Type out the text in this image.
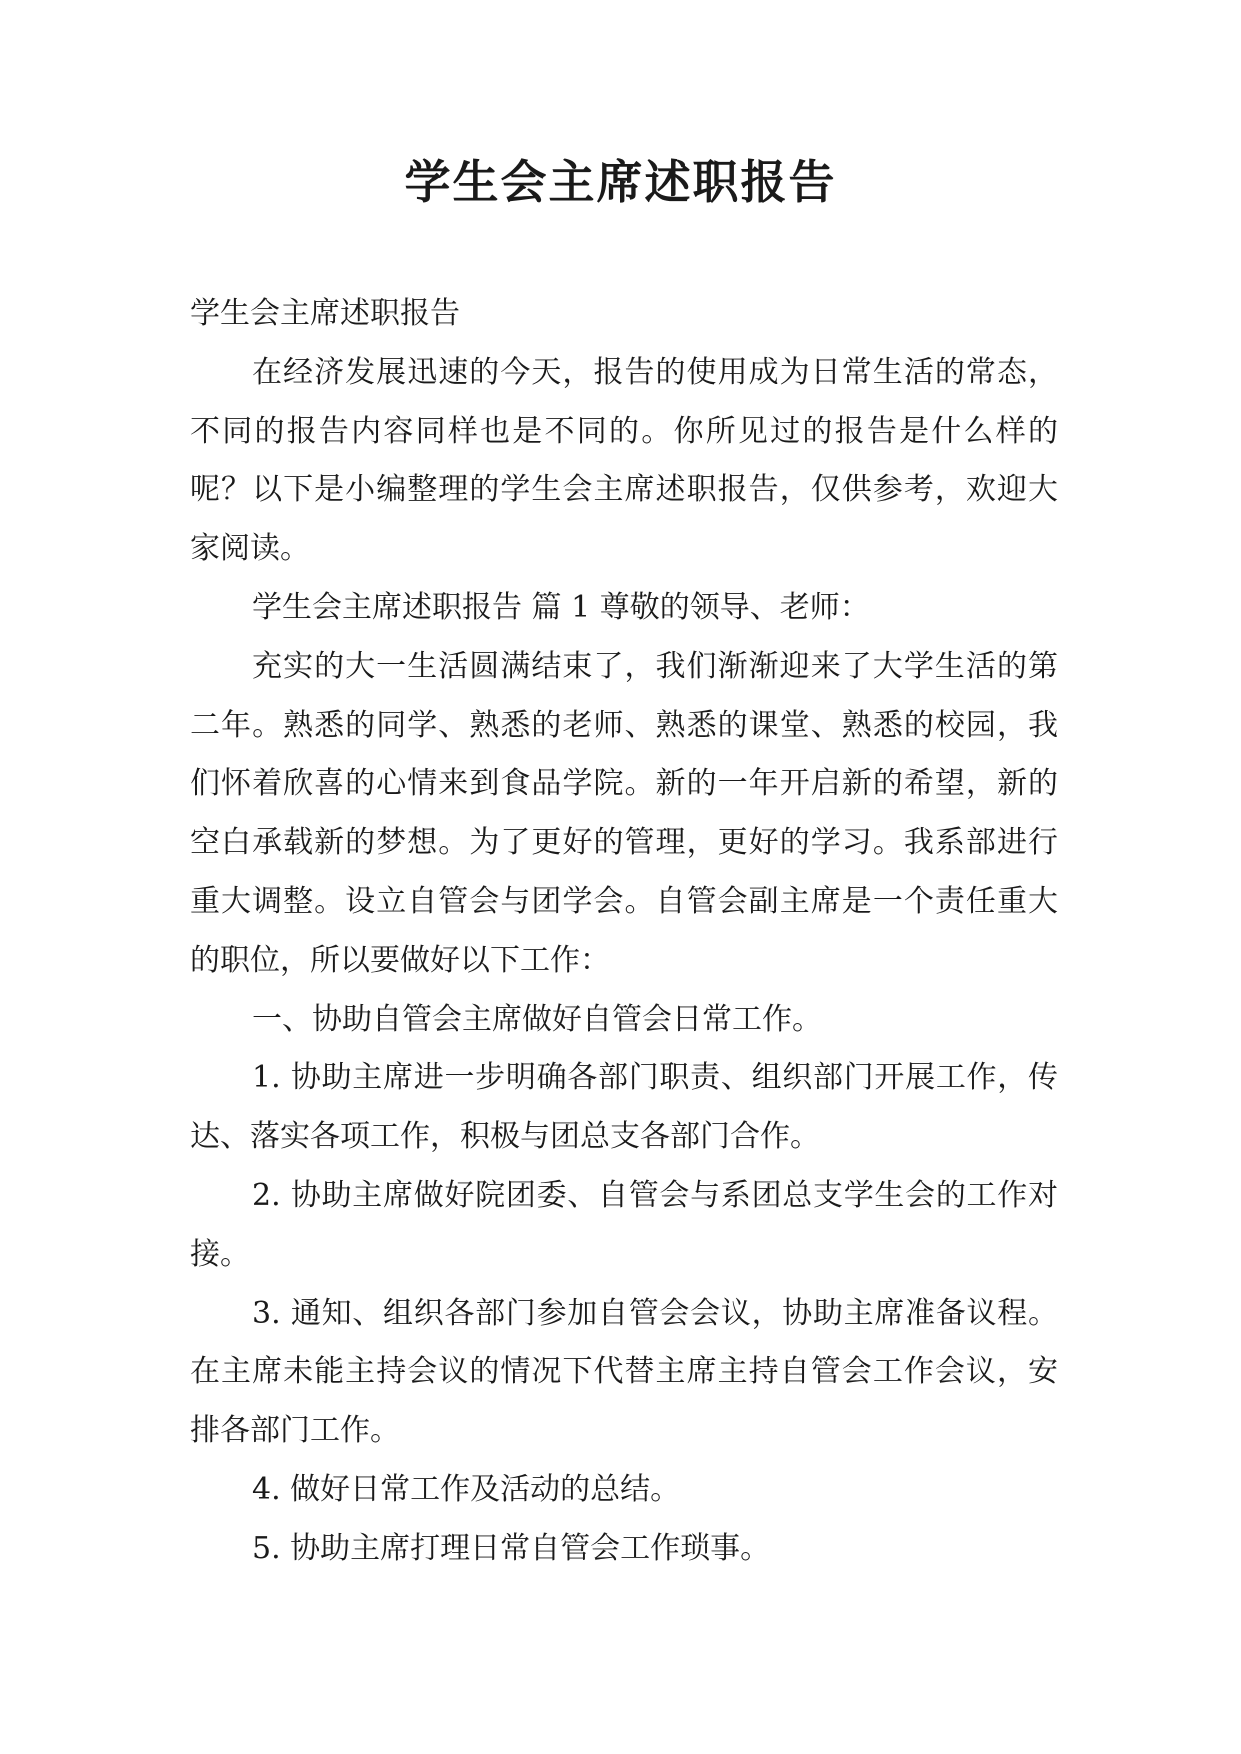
学生会主席述职报告

学生会主席述职报告

在经济发展迅速的今天，报告的使用成为日常生活的常态，不同的报告内容同样也是不同的。你所见过的报告是什么样的呢？以下是小编整理的学生会主席述职报告，仅供参考，欢迎大家阅读。

学生会主席述职报告 篇 1 尊敬的领导、老师：

充实的大一生活圆满结束了，我们渐渐迎来了大学生活的第二年。熟悉的同学、熟悉的老师、熟悉的课堂、熟悉的校园，我们怀着欣喜的心情来到食品学院。新的一年开启新的希望，新的空白承载新的梦想。为了更好的管理，更好的学习。我系部进行重大调整。设立自管会与团学会。自管会副主席是一个责任重大的职位，所以要做好以下工作：

一、协助自管会主席做好自管会日常工作。

1. 协助主席进一步明确各部门职责、组织部门开展工作，传达、落实各项工作，积极与团总支各部门合作。

2. 协助主席做好院团委、自管会与系团总支学生会的工作对接。

3. 通知、组织各部门参加自管会会议，协助主席准备议程。在主席未能主持会议的情况下代替主席主持自管会工作会议，安排各部门工作。

4. 做好日常工作及活动的总结。

5. 协助主席打理日常自管会工作琐事。
